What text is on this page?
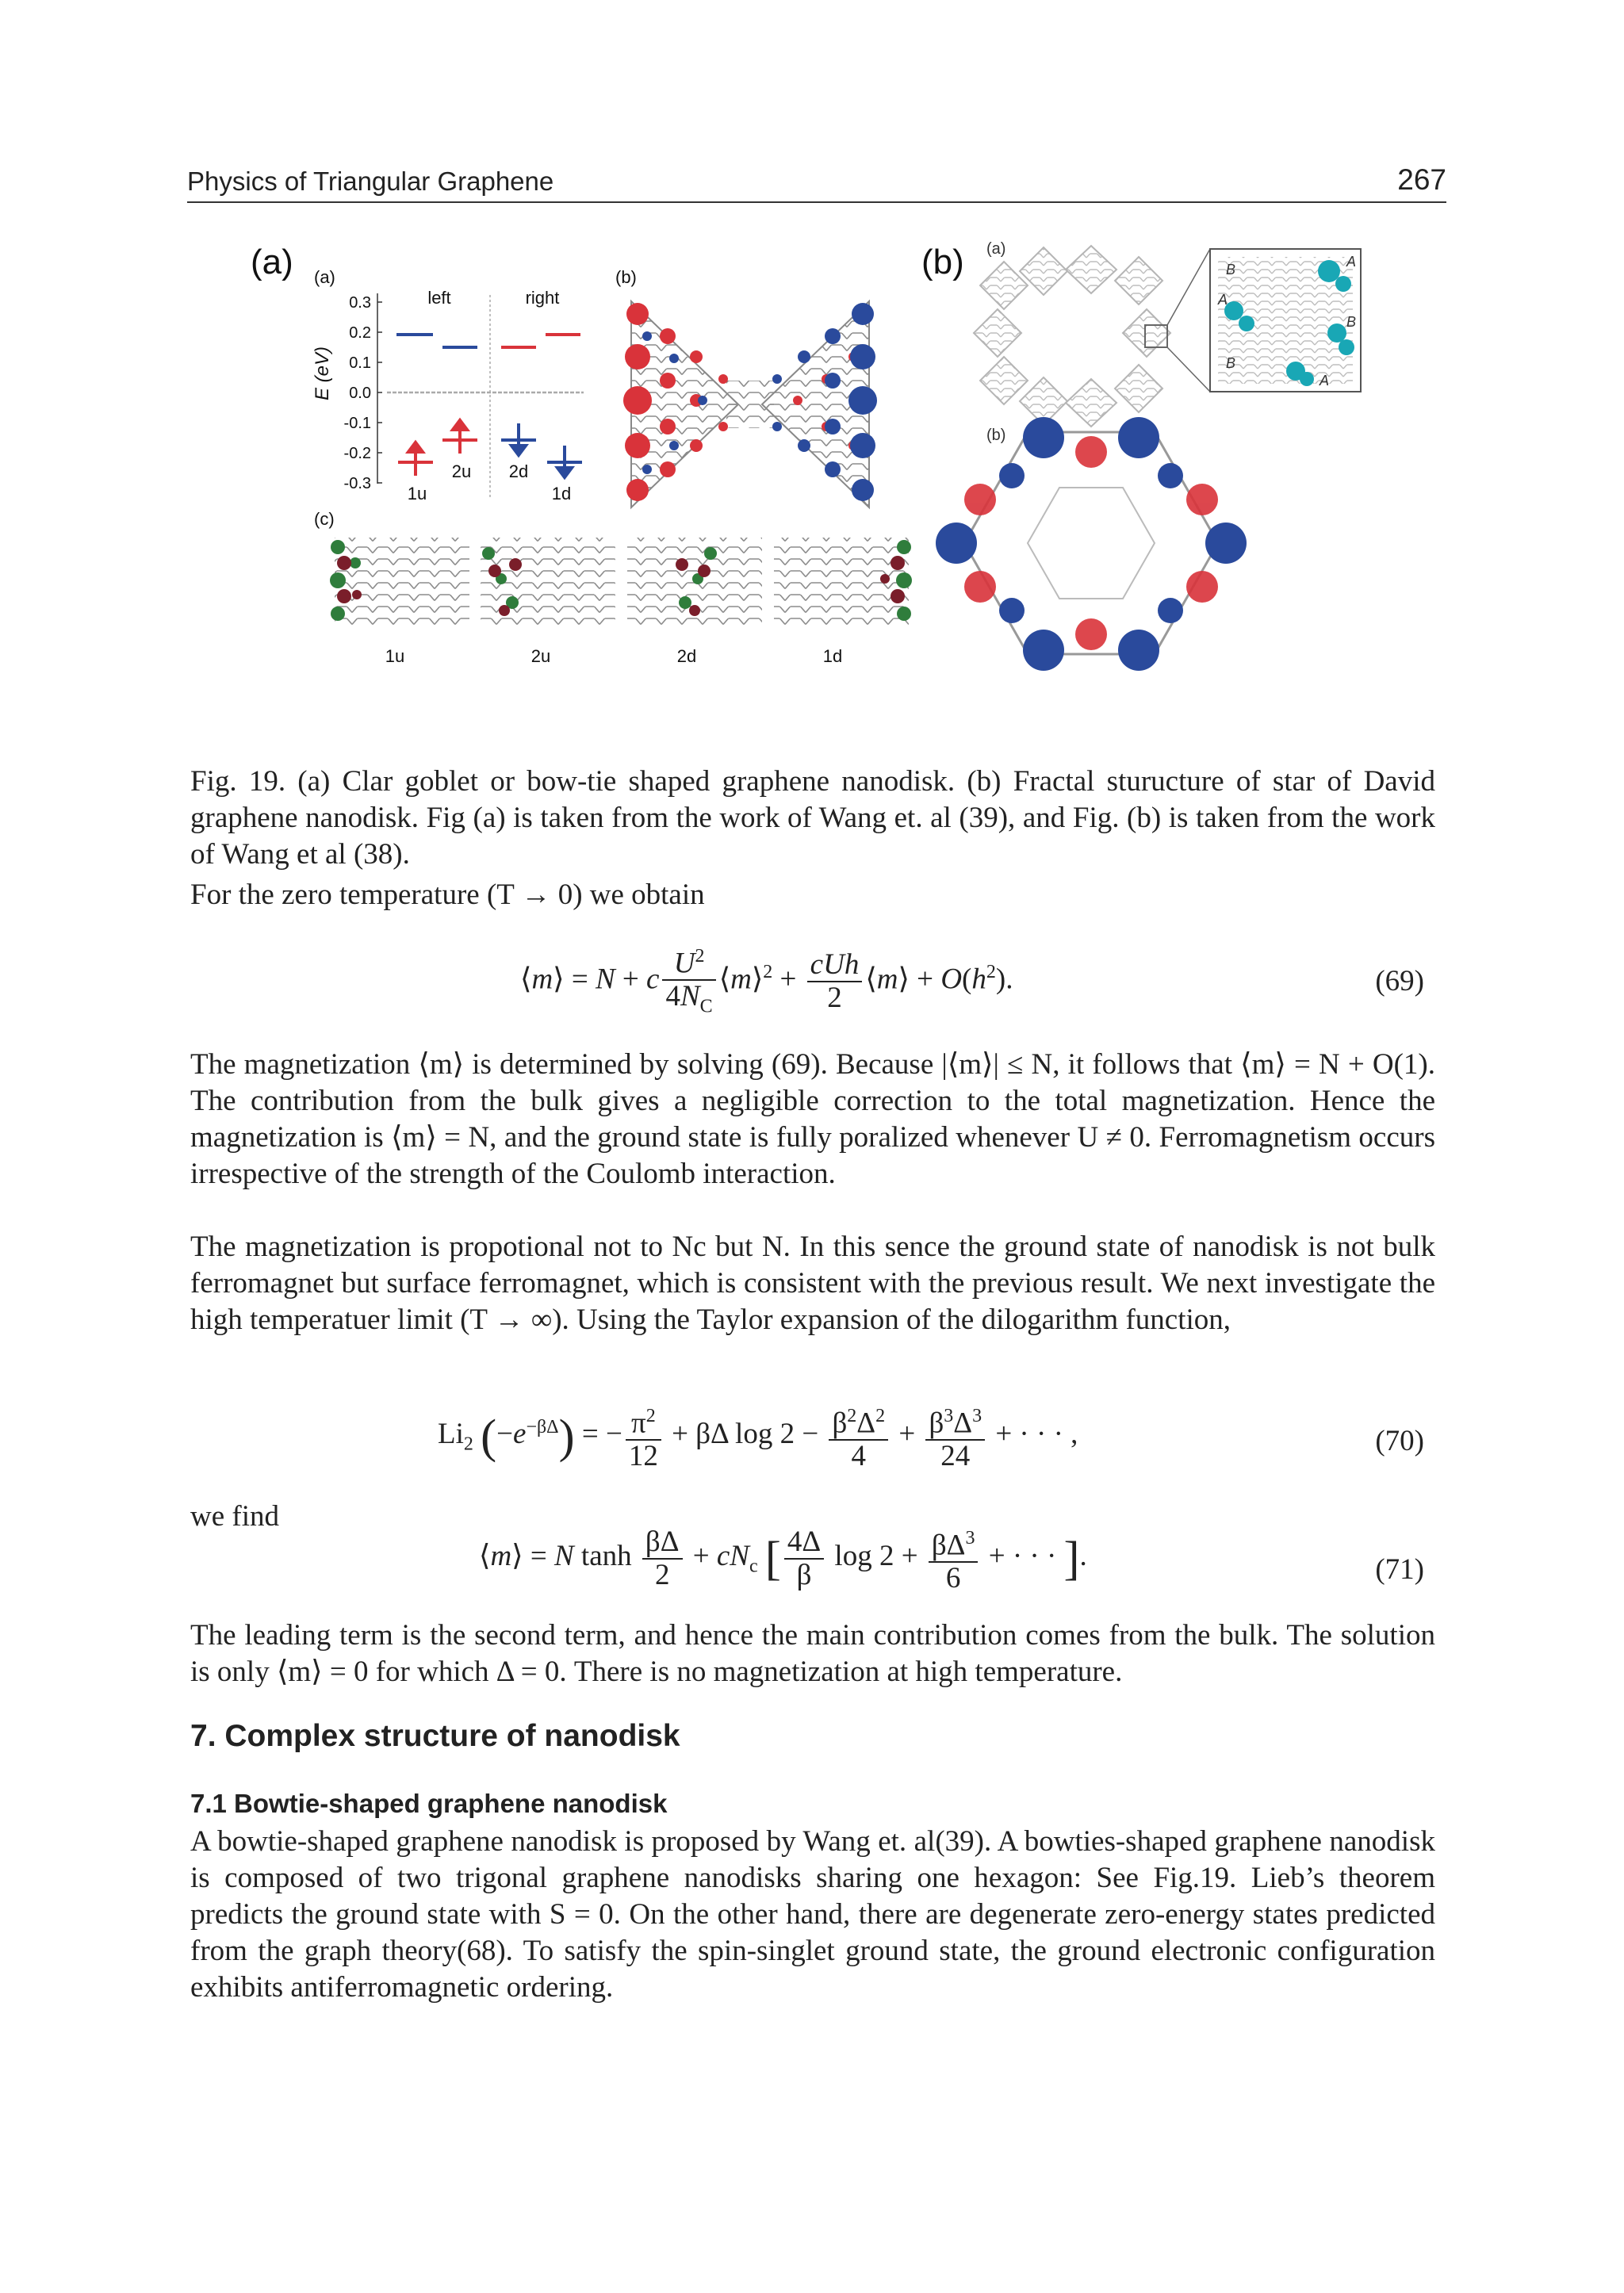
Physics of Triangular Graphene	267
(a)	(b)
(a)	(b)
(c)
E (eV)
0.3
0.2
0.1
0.0
-0.1
-0.2
-0.3
left	right
1u
2u 2d
1d
1u	2u	2d	1d
(a)
(b)
B	A
A
B
B
A

Fig. 19. (a) Clar goblet or bow-tie shaped graphene nanodisk. (b) Fractal sturucture of star of David graphene nanodisk. Fig (a) is taken from the work of Wang et. al (39), and Fig. (b) is taken from the work of Wang et al (38).

For the zero temperature (T → 0) we obtain

⟨m⟩ = N + c $\frac{U^2}{4N_C}$ ⟨m⟩$^2$ + $\frac{\text{cUh}}{2}$ ⟨m⟩ + $O(h^2)$.	(69)

The magnetization ⟨m⟩ is determined by solving (69). Because |⟨m⟩| ≤ N, it follows that ⟨m⟩ = N + O(1). The contribution from the bulk gives a negligible correction to the total magnetization. Hence the magnetization is ⟨m⟩ = N, and the ground state is fully poralized whenever U ≠ 0. Ferromagnetism occurs irrespective of the strength of the Coulomb interaction.

The magnetization is propotional not to Nc but N. In this sence the ground state of nanodisk is not bulk ferromagnet but surface ferromagnet, which is consistent with the previous result. We next investigate the high temperatuer limit (T → ∞). Using the Taylor expansion of the dilogarithm function,

$Li_2$ $(-e^{-\beta\Delta})$ = − $\frac{\pi^2}{12} + \beta\Delta$ $\log 2 - \frac{\beta^2\Delta^2}{4} + \frac{\beta^3\Delta^3}{24}$ + · · · ,	(70)

we find

⟨m⟩ = N $\tanh \frac{\beta\Delta}{2} + cN_c$ [ $\frac{4\Delta}{\beta}$ $\log 2 + \frac{\beta\Delta^3}{6}$ + · · · ].	(71)

The leading term is the second term, and hence the main contribution comes from the bulk. The solution is only ⟨m⟩ = 0 for which Δ = 0. There is no magnetization at high temperature.

7. Complex structure of nanodisk
7.1 Bowtie-shaped graphene nanodisk

A bowtie-shaped graphene nanodisk is proposed by Wang et. al(39). A bowties-shaped graphene nanodisk is composed of two trigonal graphene nanodisks sharing one hexagon: See Fig.19. Lieb’s theorem predicts the ground state with S = 0. On the other hand, there are degenerate zero-energy states predicted from the graph theory(68). To satisfy the spin-singlet ground state, the ground electronic configuration exhibits antiferromagnetic ordering.
